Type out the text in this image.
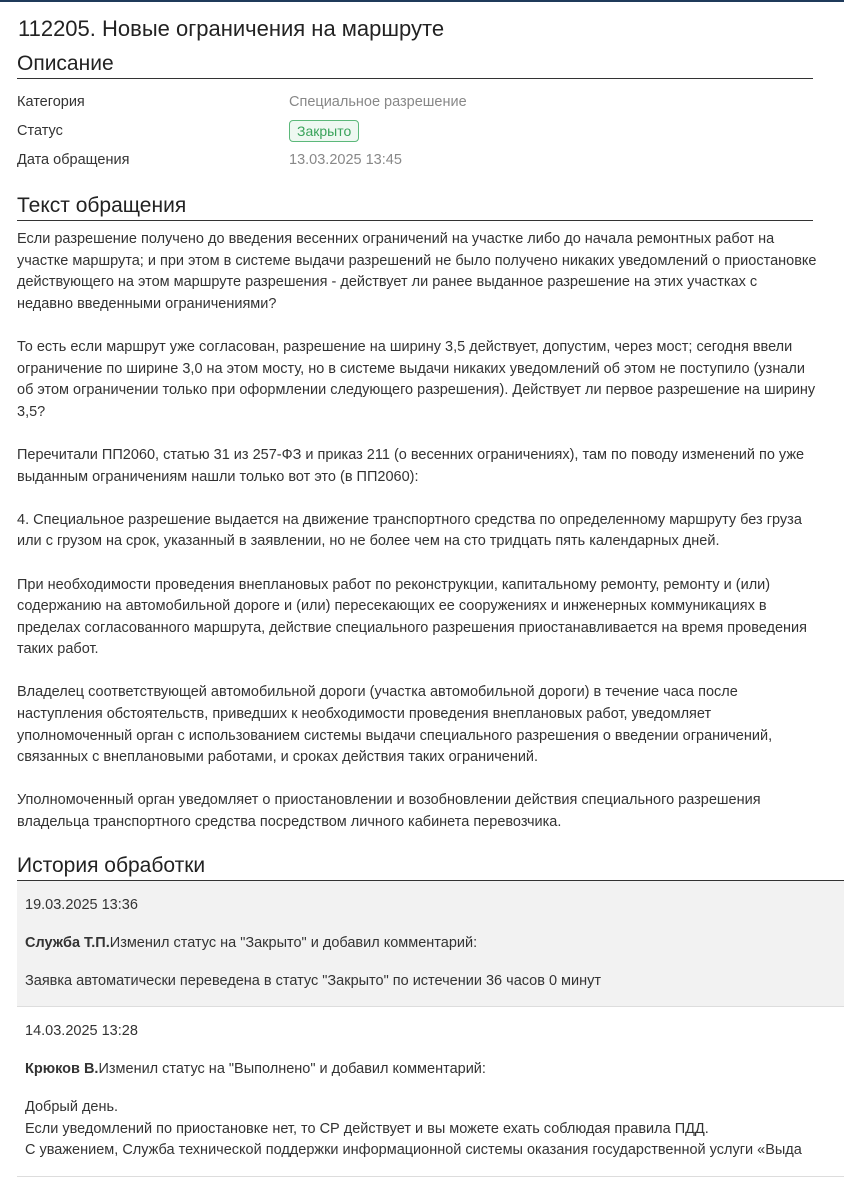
112205. Новые ограничения на маршруте
Описание
Категория	Специальное разрешение
Статус	Закрыто
Дата обращения	13.03.2025 13:45
Текст обращения

Если разрешение получено до введения весенних ограничений на участке либо до начала ремонтных работ на участке маршрута; и при этом в системе выдачи разрешений не было получено никаких уведомлений о приостановке действующего на этом маршруте разрешения - действует ли ранее выданное разрешение на этих участках с недавно введенными ограничениями?

То есть если маршрут уже согласован, разрешение на ширину 3,5 действует, допустим, через мост; сегодня ввели ограничение по ширине 3,0 на этом мосту, но в системе выдачи никаких уведомлений об этом не поступило (узнали об этом ограничении только при оформлении следующего разрешения). Действует ли первое разрешение на ширину 3,5?

Перечитали ПП2060, статью 31 из 257-ФЗ и приказ 211 (о весенних ограничениях), там по поводу изменений по уже выданным ограничениям нашли только вот это (в ПП2060):

4. Специальное разрешение выдается на движение транспортного средства по определенному маршруту без груза или с грузом на срок, указанный в заявлении, но не более чем на сто тридцать пять календарных дней.

При необходимости проведения внеплановых работ по реконструкции, капитальному ремонту, ремонту и (или) содержанию на автомобильной дороге и (или) пересекающих ее сооружениях и инженерных коммуникациях в пределах согласованного маршрута, действие специального разрешения приостанавливается на время проведения таких работ.

Владелец соответствующей автомобильной дороги (участка автомобильной дороги) в течение часа после наступления обстоятельств, приведших к необходимости проведения внеплановых работ, уведомляет уполномоченный орган с использованием системы выдачи специального разрешения о введении ограничений, связанных с внеплановыми работами, и сроках действия таких ограничений.

Уполномоченный орган уведомляет о приостановлении и возобновлении действия специального разрешения владельца транспортного средства посредством личного кабинета перевозчика.

История обработки
19.03.2025 13:36
Служба Т.П.Изменил статус на "Закрыто" и добавил комментарий:
Заявка автоматически переведена в статус "Закрыто" по истечении 36 часов 0 минут
14.03.2025 13:28
Крюков В.Изменил статус на "Выполнено" и добавил комментарий:
Добрый день.
Если уведомлений по приостановке нет, то СР действует и вы можете ехать соблюдая правила ПДД.
С уважением, Служба технической поддержки информационной системы оказания государственной услуги «Выда
